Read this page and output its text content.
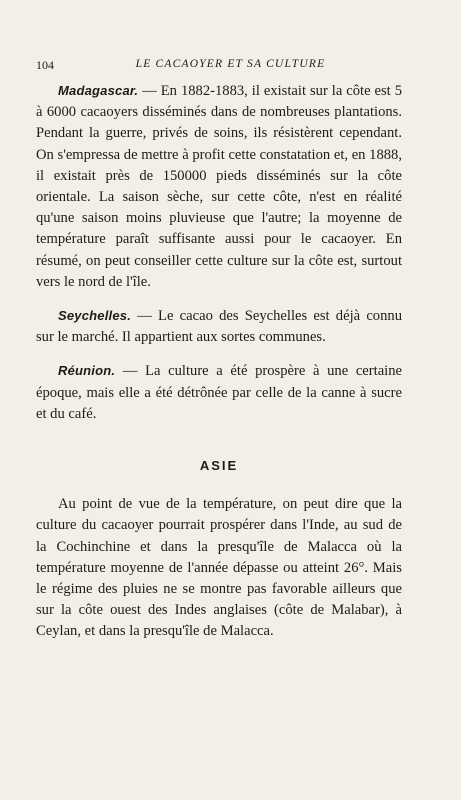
104	LE CACAOYER ET SA CULTURE

Madagascar. — En 1882-1883, il existait sur la côte est 5 à 6000 cacaoyers disséminés dans de nombreuses plantations. Pendant la guerre, privés de soins, ils résistèrent cependant. On s'empressa de mettre à profit cette constatation et, en 1888, il existait près de 150000 pieds disséminés sur la côte orientale. La saison sèche, sur cette côte, n'est en réalité qu'une saison moins pluvieuse que l'autre; la moyenne de température paraît suffisante aussi pour le cacaoyer. En résumé, on peut conseiller cette culture sur la côte est, surtout vers le nord de l'île.

Seychelles. — Le cacao des Seychelles est déjà connu sur le marché. Il appartient aux sortes communes.

Réunion. — La culture a été prospère à une certaine époque, mais elle a été détrônée par celle de la canne à sucre et du café.

ASIE

Au point de vue de la température, on peut dire que la culture du cacaoyer pourrait prospérer dans l'Inde, au sud de la Cochinchine et dans la presqu'île de Malacca où la température moyenne de l'année dépasse ou atteint 26°. Mais le régime des pluies ne se montre pas favorable ailleurs que sur la côte ouest des Indes anglaises (côte de Malabar), à Ceylan, et dans la presqu'île de Malacca.
